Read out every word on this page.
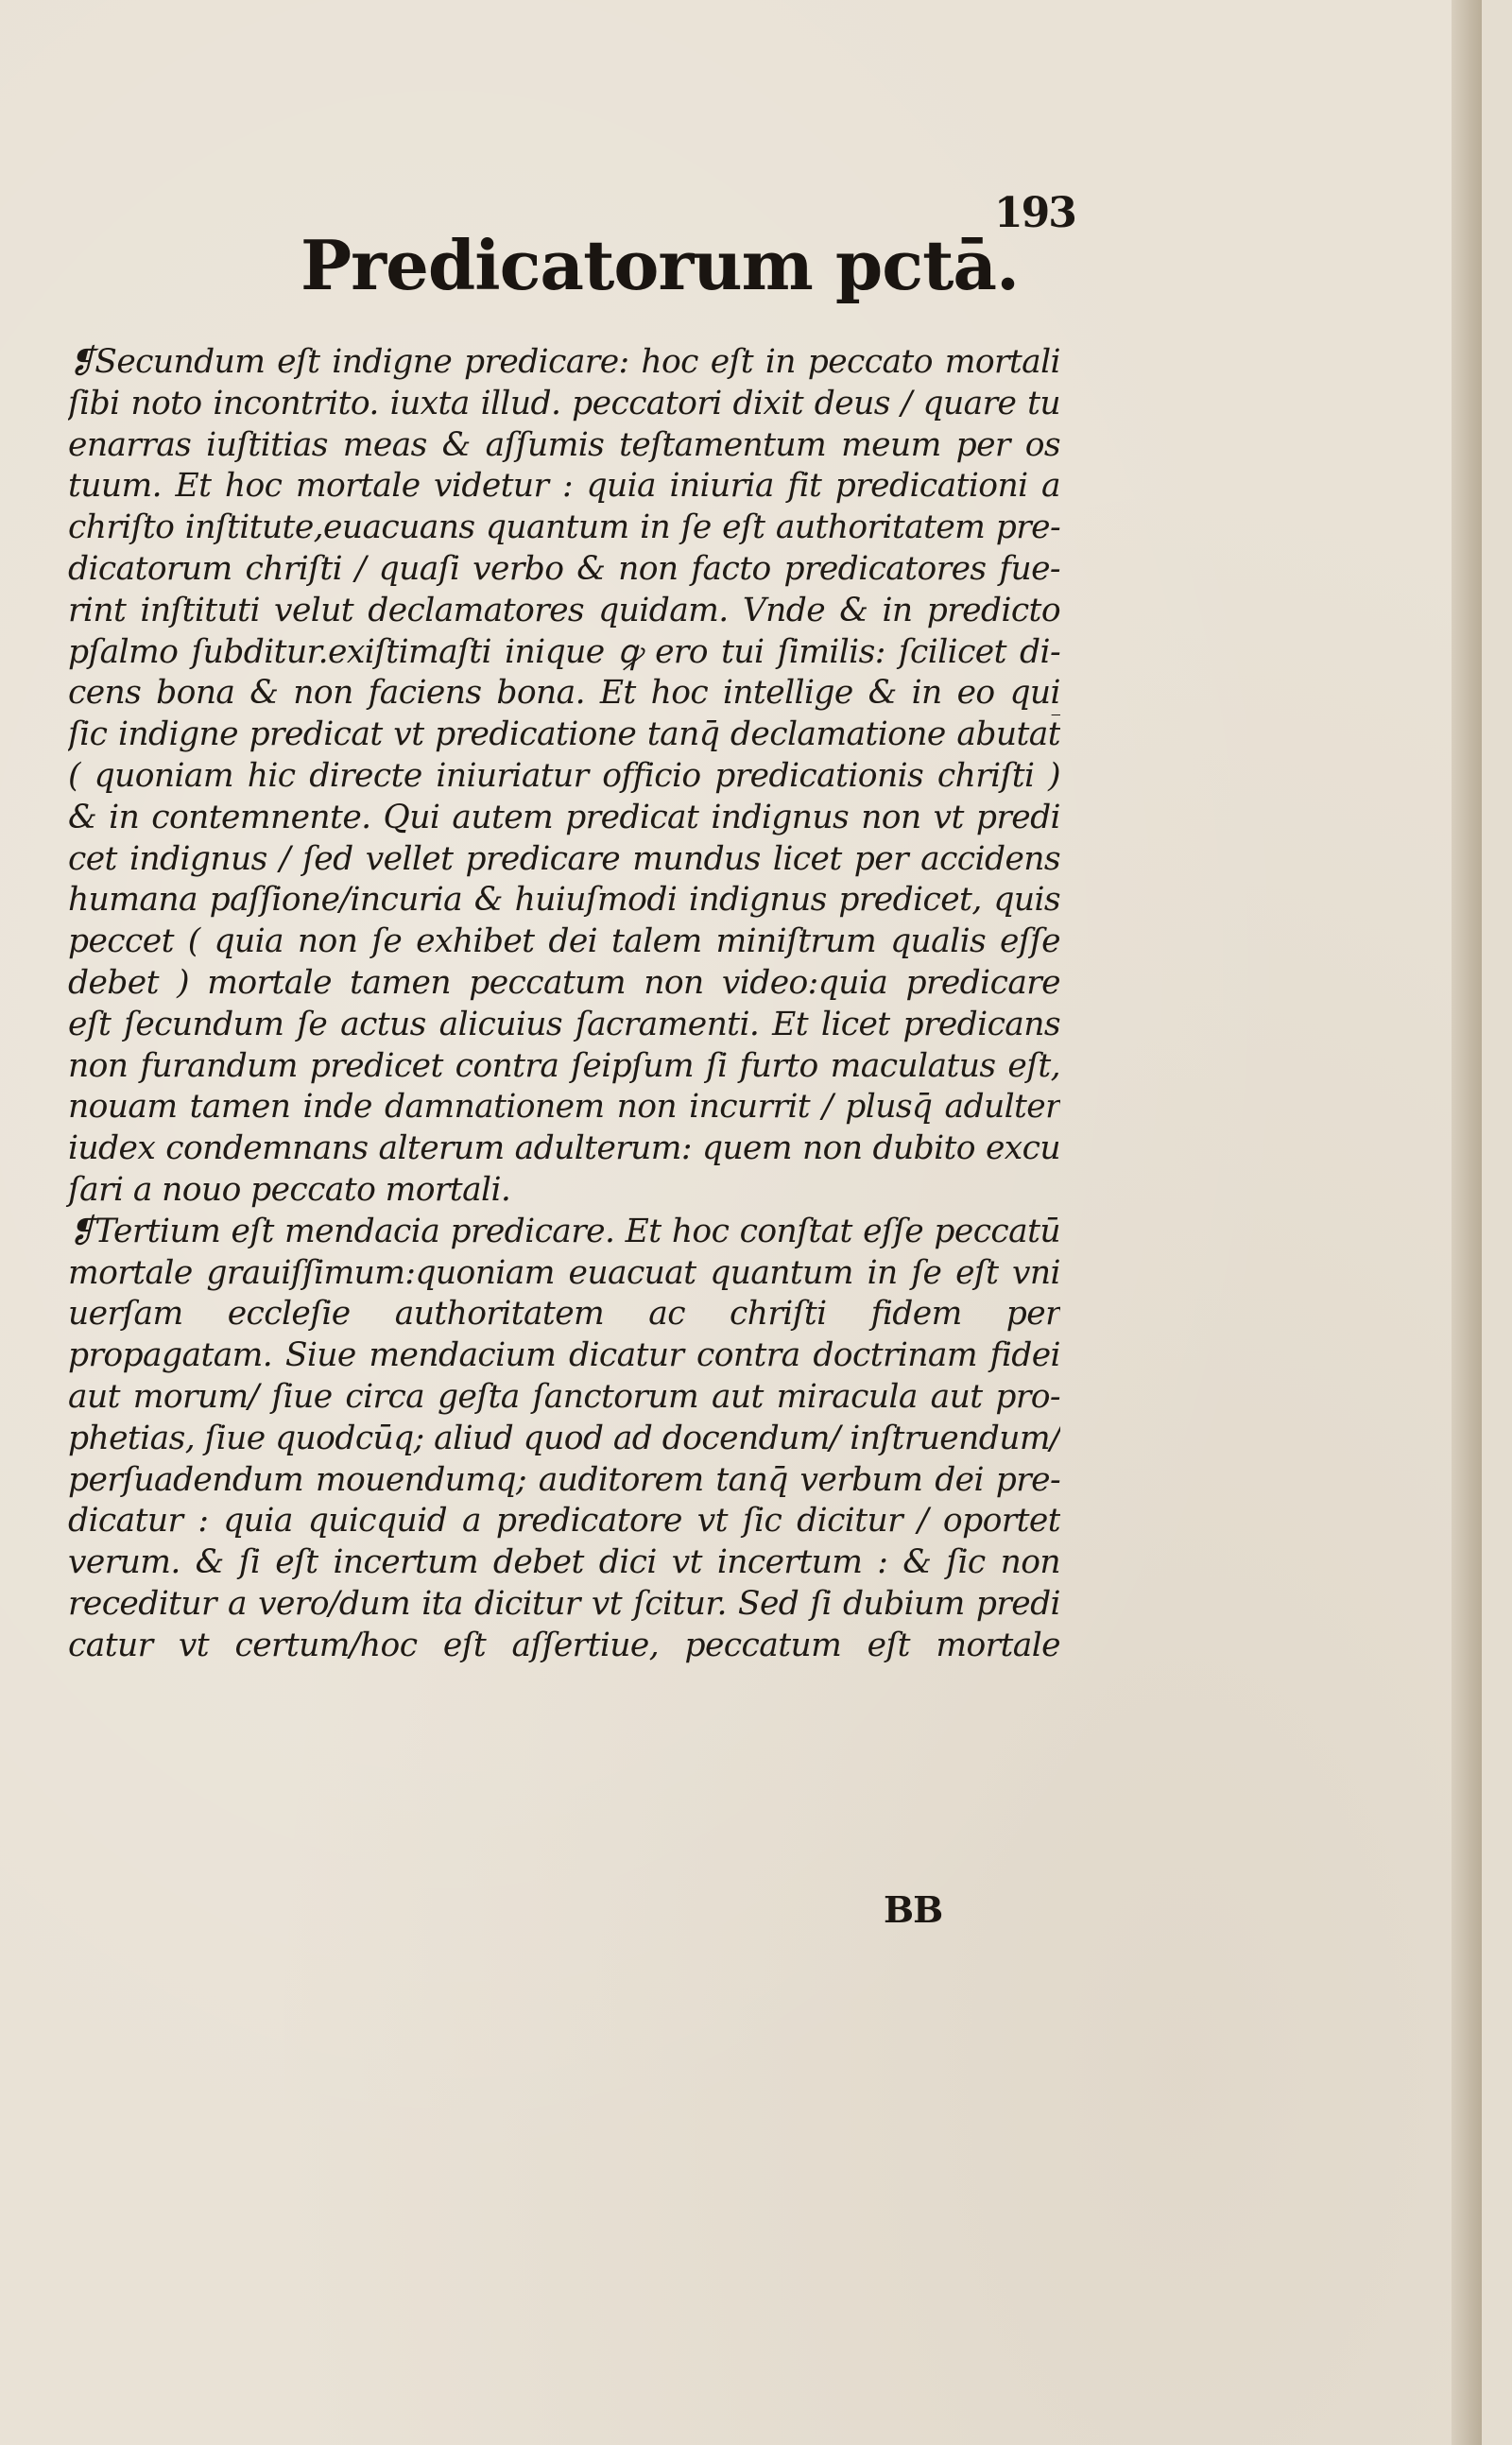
193
Predicatorum pctā.
❡Secundum eſt indigne predicare: hoc eſt in peccato mortali
ſibi noto incontrito. iuxta illud. peccatori dixit deus / quare tu
enarras iuſtitias meas & aſſumis teſtamentum meum per os
tuum. Et hoc mortale videtur : quia iniuria fit predicationi a
chriſto inſtitute,euacuans quantum in ſe eſt authoritatem pre-
dicatorum chriſti / quaſi verbo & non facto predicatores fue-
rint inſtituti velut declamatores quidam. Vnde & in predicto
pſalmo ſubditur.exiſtimaſti inique ꝙ ero tui ſimilis: ſcilicet di-
cens bona & non faciens bona. Et hoc intellige & in eo qui
ſic indigne predicat vt predicatione tanq̄ declamatione abutat̄
( quoniam hic directe iniuriatur officio predicationis chriſti )
& in contemnente. Qui autem predicat indignus non vt predi
cet indignus / ſed vellet predicare mundus licet per accidens
humana paſſione/incuria & huiuſmodi indignus predicet, quis
peccet ( quia non ſe exhibet dei talem miniſtrum qualis eſſe
debet ) mortale tamen peccatum non video:quia predicare
eſt ſecundum ſe actus alicuius ſacramenti. Et licet predicans
non furandum predicet contra ſeipſum ſi furto maculatus eſt,
nouam tamen inde damnationem non incurrit / plusq̄ adulter
iudex condemnans alterum adulterum: quem non dubito excu
ſari a nouo peccato mortali.
❡Tertium eſt mendacia predicare. Et hoc conſtat eſſe peccatū
mortale grauiſſimum:quoniam euacuat quantum in ſe eſt vni
uerſam eccleſie authoritatem ac chriſti fidem per
propagatam. Siue mendacium dicatur contra doctrinam fidei
aut morum/ ſiue circa geſta ſanctorum aut miracula aut pro-
phetias, ſiue quodcūq; aliud quod ad docendum/ inſtruendum/
perſuadendum mouendumq; auditorem tanq̄ verbum dei pre-
dicatur : quia quicquid a predicatore vt ſic dicitur / oportet
verum. & ſi eſt incertum debet dici vt incertum : & ſic non
receditur a vero/dum ita dicitur vt ſcitur. Sed ſi dubium predi
catur vt certum/hoc eſt aſſertiue, peccatum eſt mortale
BB
